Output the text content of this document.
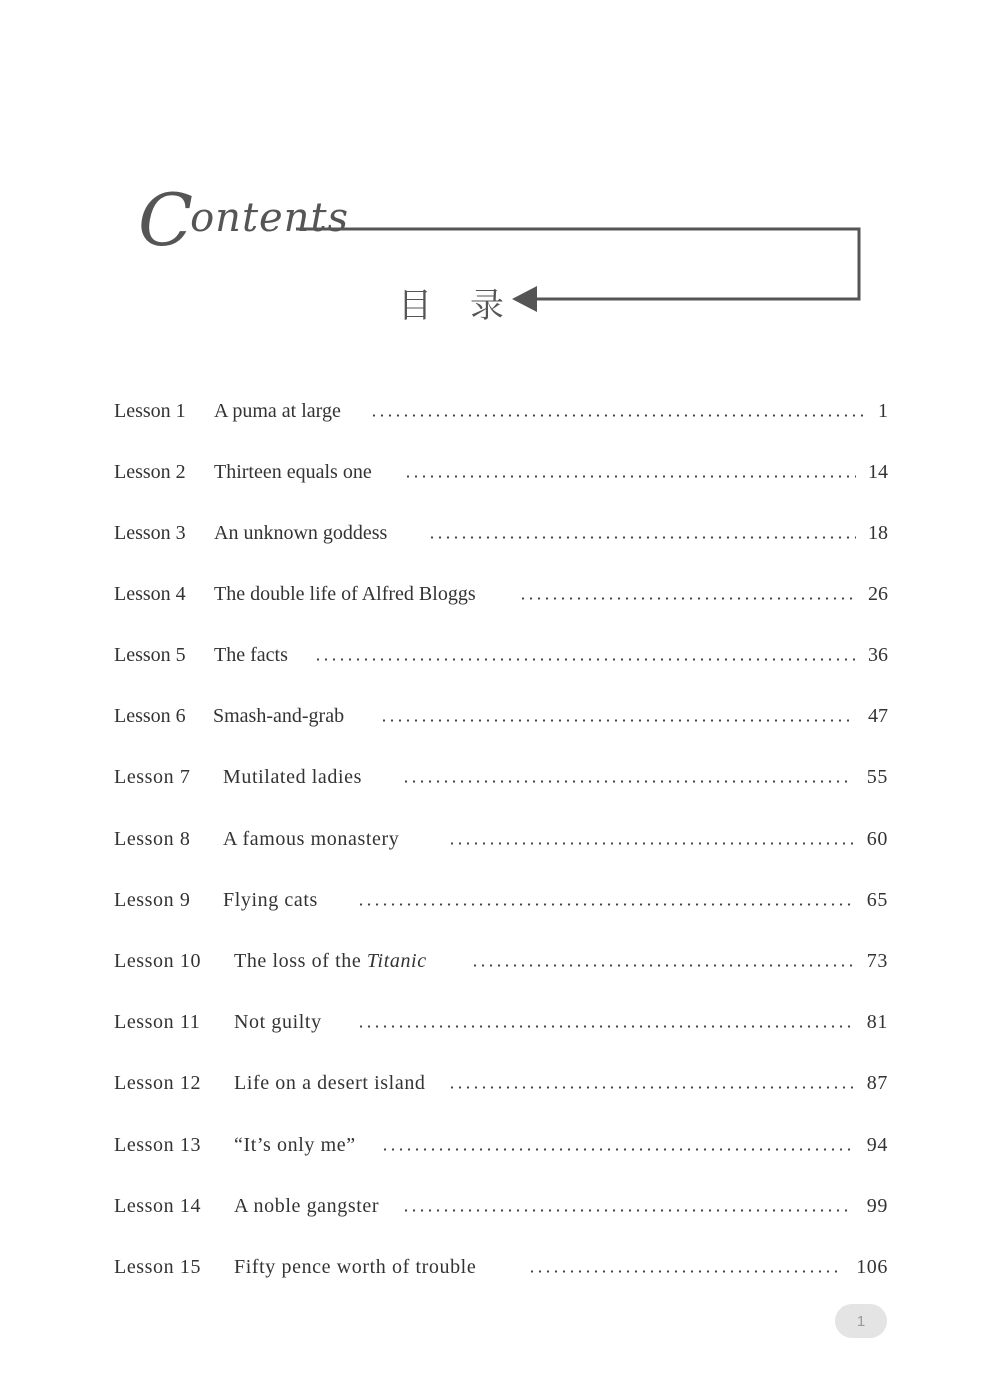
Contents
目录
Lesson 1	A puma at large	1
Lesson 2	Thirteen equals one	14
Lesson 3	An unknown goddess	18
Lesson 4	The double life of Alfred Bloggs	26
Lesson 5	The facts	36
Lesson 6	Smash-and-grab	47
Lesson 7	Mutilated ladies	55
Lesson 8	A famous monastery	60
Lesson 9	Flying cats	65
Lesson 10	The loss of the Titanic	73
Lesson 11	Not guilty	81
Lesson 12	Life on a desert island	87
Lesson 13	“It’s only me”	94
Lesson 14	A noble gangster	99
Lesson 15	Fifty pence worth of trouble	106
1
